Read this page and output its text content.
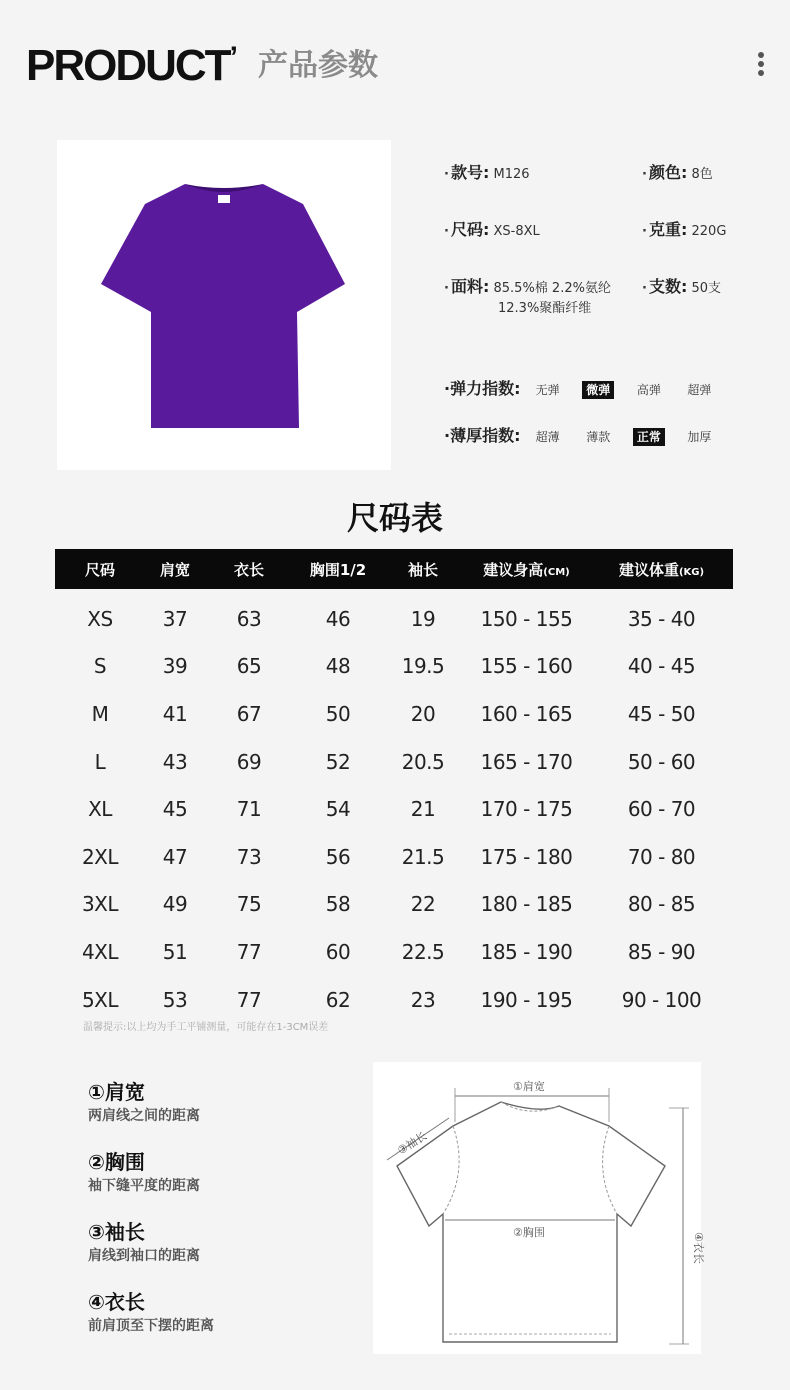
PRODUCT’ 产品参数
· 款号: M126	· 颜色: 8色
· 尺码: XS-8XL	· 克重: 220G
· 面料: 85.5%棉 2.2%氨纶
12.3%聚酯纤维
· 支数: 50支
·弹力指数: 无弹 微弹 高弹 超弹
·薄厚指数: 超薄 薄款 正常 加厚
尺码表
尺码	肩宽	衣长	胸围1/2	袖长	建议身高(CM)	建议体重(KG)
XS	37	63	46	19	150 - 155	35 - 40
S	39	65	48	19.5	155 - 160	40 - 45
M	41	67	50	20	160 - 165	45 - 50
L	43	69	52	20.5	165 - 170	50 - 60
XL	45	71	54	21	170 - 175	60 - 70
2XL	47	73	56	21.5	175 - 180	70 - 80
3XL	49	75	58	22	180 - 185	80 - 85
4XL	51	77	60	22.5	185 - 190	85 - 90
5XL	53	77	62	23	190 - 195	90 - 100
温馨提示:以上均为手工平铺测量，可能存在1-3CM误差
①肩宽
两肩线之间的距离
②胸围
袖下缝平度的距离
③袖长
肩线到袖口的距离
④衣长
前肩顶至下摆的距离
①肩宽
②胸围
③袖长
④衣长
